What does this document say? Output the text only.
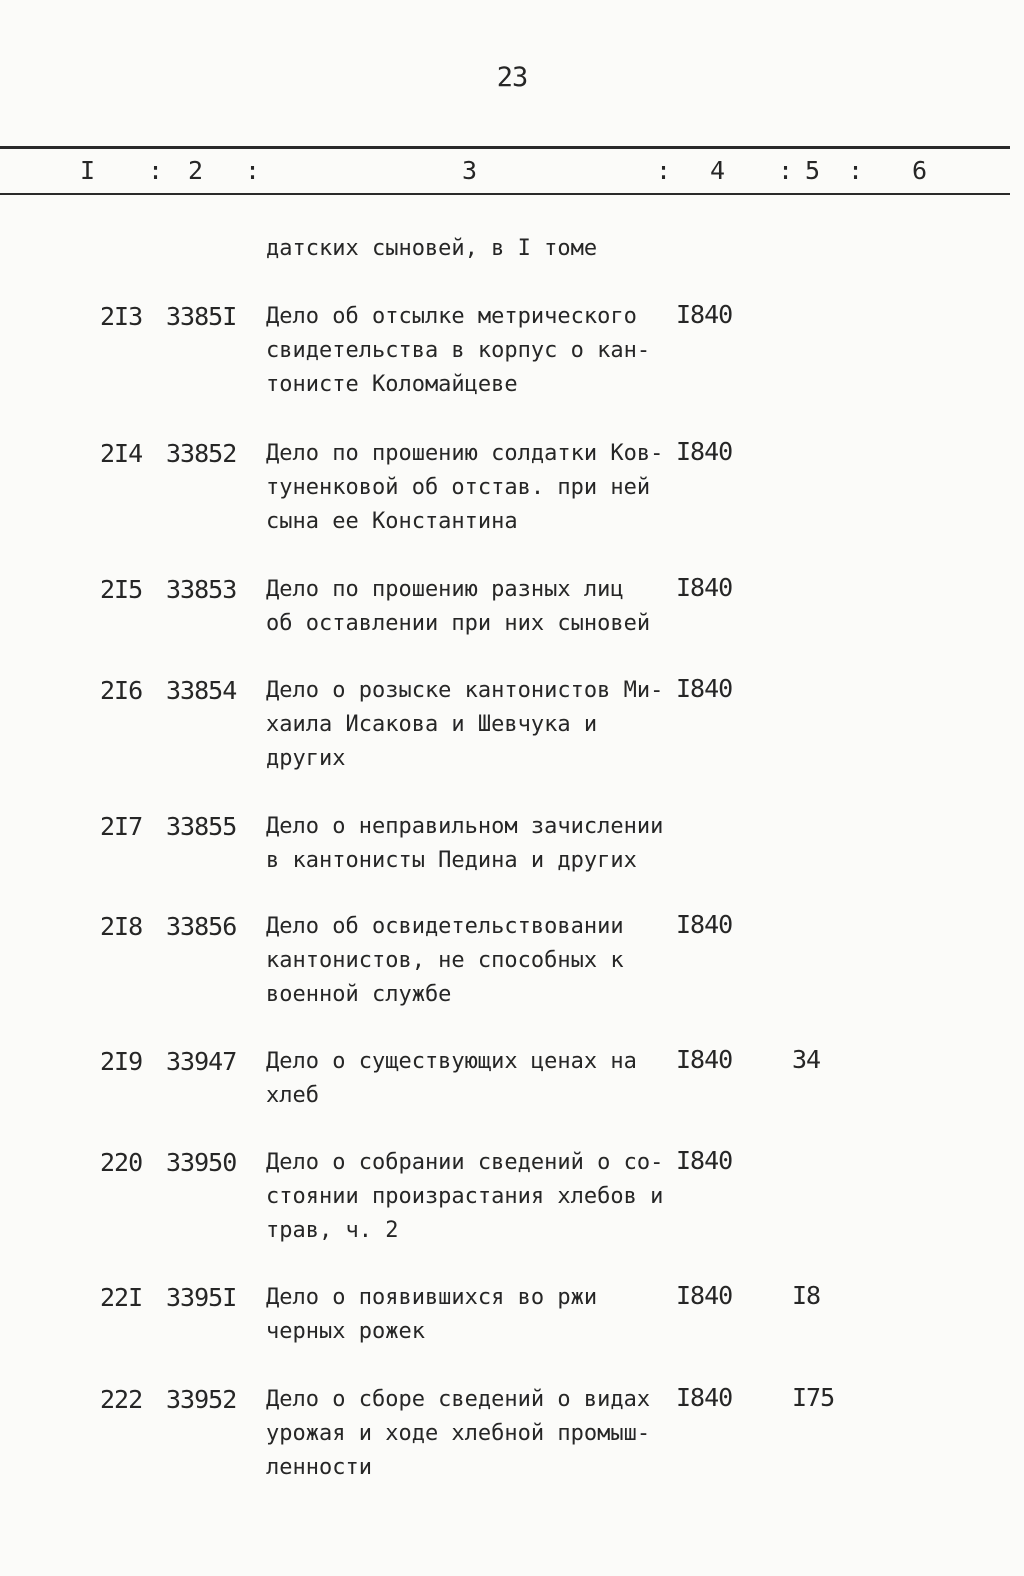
23
I : 2 :	3	: 4 : 5 : 6
датских сыновей, в I томе
2I3 3385I Дело об отсылке метрического
свидетельства в корпус о кан-
тонисте Коломайцеве
I840
2I4 33852 Дело по прошению солдатки Ков-
туненковой об отстав. при ней
сына ее Константина
I840
2I5 33853 Дело по прошению разных лиц
об оставлении при них сыновей
I840
2I6 33854 Дело о розыске кантонистов Ми-
хаила Исакова и Шевчука и
других
I840
2I7 33855 Дело о неправильном зачислении
в кантонисты Педина и других
2I8 33856 Дело об освидетельствовании
кантонистов, не способных к
военной службе
I840
2I9 33947 Дело о существующих ценах на
хлеб
I840 34
220 33950 Дело о собрании сведений о со-
стоянии произрастания хлебов и
трав, ч. 2
I840
22I 3395I Дело о появившихся во ржи
черных рожек
I840 I8
222 33952 Дело о сборе сведений о видах
урожая и ходе хлебной промыш-
ленности
I840 I75
